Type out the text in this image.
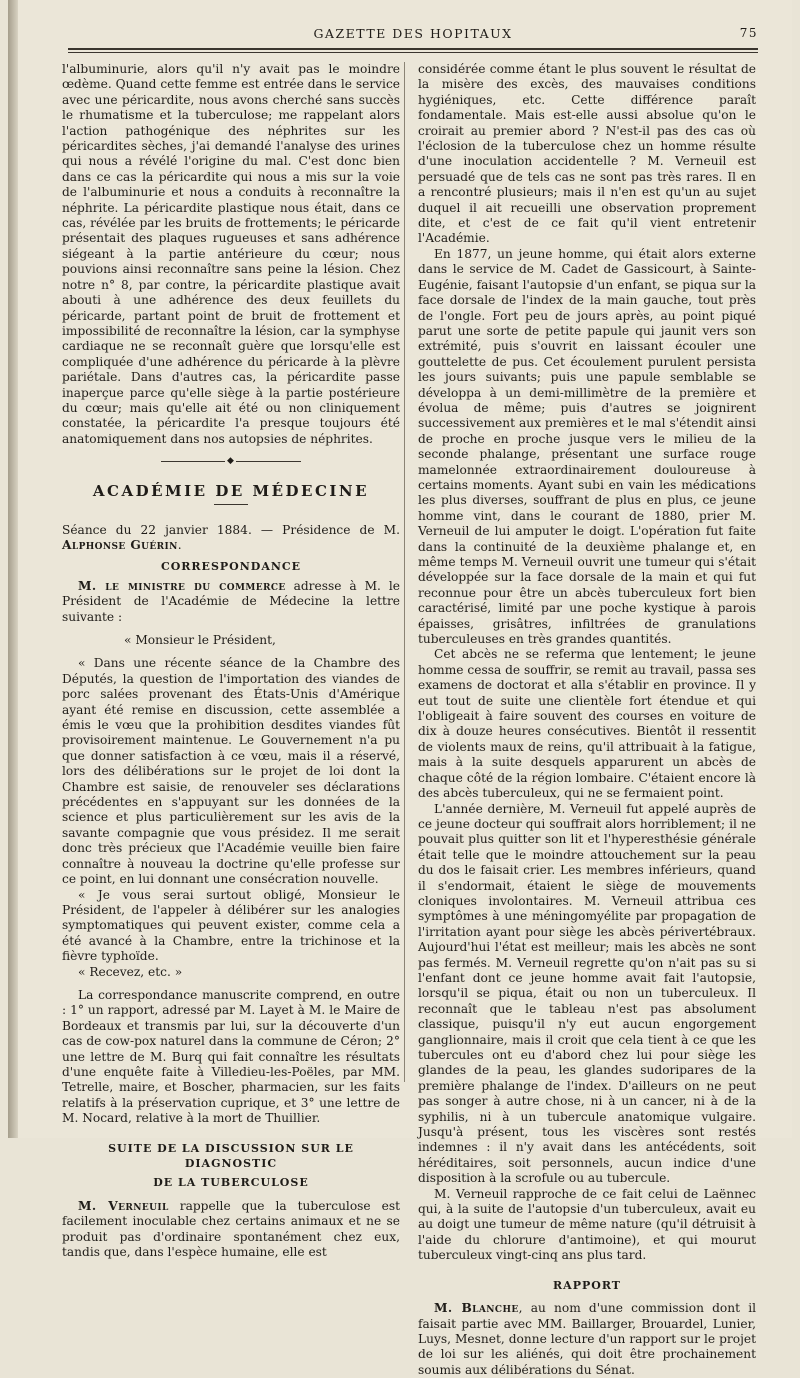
GAZETTE DES HOPITAUX	75

l'albuminurie, alors qu'il n'y avait pas le moindre œdème. Quand cette femme est entrée dans le service avec une péricardite, nous avons cherché sans succès le rhumatisme et la tuberculose; me rappelant alors l'action pathogénique des néphrites sur les péricardites sèches, j'ai demandé l'analyse des urines qui nous a révélé l'origine du mal. C'est donc bien dans ce cas la péricardite qui nous a mis sur la voie de l'albuminurie et nous a conduits à reconnaître la néphrite. La péricardite plastique nous était, dans ce cas, révélée par les bruits de frottements; le péricarde présentait des plaques rugueuses et sans adhérence siégeant à la partie antérieure du cœur; nous pouvions ainsi reconnaître sans peine la lésion. Chez notre n° 8, par contre, la péricardite plastique avait abouti à une adhérence des deux feuillets du péricarde, partant point de bruit de frottement et impossibilité de reconnaître la lésion, car la symphyse cardiaque ne se reconnaît guère que lorsqu'elle est compliquée d'une adhérence du péricarde à la plèvre pariétale. Dans d'autres cas, la péricardite passe inaperçue parce qu'elle siège à la partie postérieure du cœur; mais qu'elle ait été ou non cliniquement constatée, la péricardite l'a presque toujours été anatomiquement dans nos autopsies de néphrites.

◆
ACADÉMIE DE MÉDECINE

Séance du 22 janvier 1884. — Présidence de M. Alphonse Guérin.

CORRESPONDANCE

M. le ministre du commerce adresse à M. le Président de l'Académie de Médecine la lettre suivante :

« Monsieur le Président,

« Dans une récente séance de la Chambre des Députés, la question de l'importation des viandes de porc salées provenant des États-Unis d'Amérique ayant été remise en discussion, cette assemblée a émis le vœu que la prohibition desdites viandes fût provisoirement maintenue. Le Gouvernement n'a pu que donner satisfaction à ce vœu, mais il a réservé, lors des délibérations sur le projet de loi dont la Chambre est saisie, de renouveler ses déclarations précédentes en s'appuyant sur les données de la science et plus particulièrement sur les avis de la savante compagnie que vous présidez. Il me serait donc très précieux que l'Académie veuille bien faire connaître à nouveau la doctrine qu'elle professe sur ce point, en lui donnant une consécration nouvelle.

« Je vous serai surtout obligé, Monsieur le Président, de l'appeler à délibérer sur les analogies symptomatiques qui peuvent exister, comme cela a été avancé à la Chambre, entre la trichinose et la fièvre typhoïde.

« Recevez, etc. »

La correspondance manuscrite comprend, en outre : 1° un rapport, adressé par M. Layet à M. le Maire de Bordeaux et transmis par lui, sur la découverte d'un cas de cow-pox naturel dans la commune de Céron; 2° une lettre de M. Burq qui fait connaître les résultats d'une enquête faite à Villedieu-les-Poëles, par MM. Tetrelle, maire, et Boscher, pharmacien, sur les faits relatifs à la préservation cuprique, et 3° une lettre de M. Nocard, relative à la mort de Thuillier.

SUITE DE LA DISCUSSION SUR LE DIAGNOSTIC
DE LA TUBERCULOSE

M. Verneuil rappelle que la tuberculose est facilement inoculable chez certains animaux et ne se produit pas d'ordinaire spontanément chez eux, tandis que, dans l'espèce humaine, elle est

considérée comme étant le plus souvent le résultat de la misère des excès, des mauvaises conditions hygiéniques, etc. Cette différence paraît fondamentale. Mais est-elle aussi absolue qu'on le croirait au premier abord ? N'est-il pas des cas où l'éclosion de la tuberculose chez un homme résulte d'une inoculation accidentelle ? M. Verneuil est persuadé que de tels cas ne sont pas très rares. Il en a rencontré plusieurs; mais il n'en est qu'un au sujet duquel il ait recueilli une observation proprement dite, et c'est de ce fait qu'il vient entretenir l'Académie.

En 1877, un jeune homme, qui était alors externe dans le service de M. Cadet de Gassicourt, à Sainte-Eugénie, faisant l'autopsie d'un enfant, se piqua sur la face dorsale de l'index de la main gauche, tout près de l'ongle. Fort peu de jours après, au point piqué parut une sorte de petite papule qui jaunit vers son extrémité, puis s'ouvrit en laissant écouler une gouttelette de pus. Cet écoulement purulent persista les jours suivants; puis une papule semblable se développa à un demi-millimètre de la première et évolua de même; puis d'autres se joignirent successivement aux premières et le mal s'étendit ainsi de proche en proche jusque vers le milieu de la seconde phalange, présentant une surface rouge mamelonnée extraordinairement douloureuse à certains moments. Ayant subi en vain les médications les plus diverses, souffrant de plus en plus, ce jeune homme vint, dans le courant de 1880, prier M. Verneuil de lui amputer le doigt. L'opération fut faite dans la continuité de la deuxième phalange et, en même temps M. Verneuil ouvrit une tumeur qui s'était développée sur la face dorsale de la main et qui fut reconnue pour être un abcès tuberculeux fort bien caractérisé, limité par une poche kystique à parois épaisses, grisâtres, infiltrées de granulations tuberculeuses en très grandes quantités.

Cet abcès ne se referma que lentement; le jeune homme cessa de souffrir, se remit au travail, passa ses examens de doctorat et alla s'établir en province. Il y eut tout de suite une clientèle fort étendue et qui l'obligeait à faire souvent des courses en voiture de dix à douze heures consécutives. Bientôt il ressentit de violents maux de reins, qu'il attribuait à la fatigue, mais à la suite desquels apparurent un abcès de chaque côté de la région lombaire. C'étaient encore là des abcès tuberculeux, qui ne se fermaient point.

L'année dernière, M. Verneuil fut appelé auprès de ce jeune docteur qui souffrait alors horriblement; il ne pouvait plus quitter son lit et l'hyperesthésie générale était telle que le moindre attouchement sur la peau du dos le faisait crier. Les membres inférieurs, quand il s'endormait, étaient le siège de mouvements cloniques involontaires. M. Verneuil attribua ces symptômes à une méningomyélite par propagation de l'irritation ayant pour siège les abcès périvertébraux. Aujourd'hui l'état est meilleur; mais les abcès ne sont pas fermés. M. Verneuil regrette qu'on n'ait pas su si l'enfant dont ce jeune homme avait fait l'autopsie, lorsqu'il se piqua, était ou non un tuberculeux. Il reconnaît que le tableau n'est pas absolument classique, puisqu'il n'y eut aucun engorgement ganglionnaire, mais il croit que cela tient à ce que les tubercules ont eu d'abord chez lui pour siège les glandes de la peau, les glandes sudoripares de la première phalange de l'index. D'ailleurs on ne peut pas songer à autre chose, ni à un cancer, ni à de la syphilis, ni à un tubercule anatomique vulgaire. Jusqu'à présent, tous les viscères sont restés indemnes : il n'y avait dans les antécédents, soit héréditaires, soit personnels, aucun indice d'une disposition à la scrofule ou au tubercule.

M. Verneuil rapproche de ce fait celui de Laënnec qui, à la suite de l'autopsie d'un tuberculeux, avait eu au doigt une tumeur de même nature (qu'il détruisit à l'aide du chlorure d'antimoine), et qui mourut tuberculeux vingt-cinq ans plus tard.

RAPPORT

M. Blanche, au nom d'une commission dont il faisait partie avec MM. Baillarger, Brouardel, Lunier, Luys, Mesnet, donne lecture d'un rapport sur le projet de loi sur les aliénés, qui doit être prochainement soumis aux délibérations du Sénat.
